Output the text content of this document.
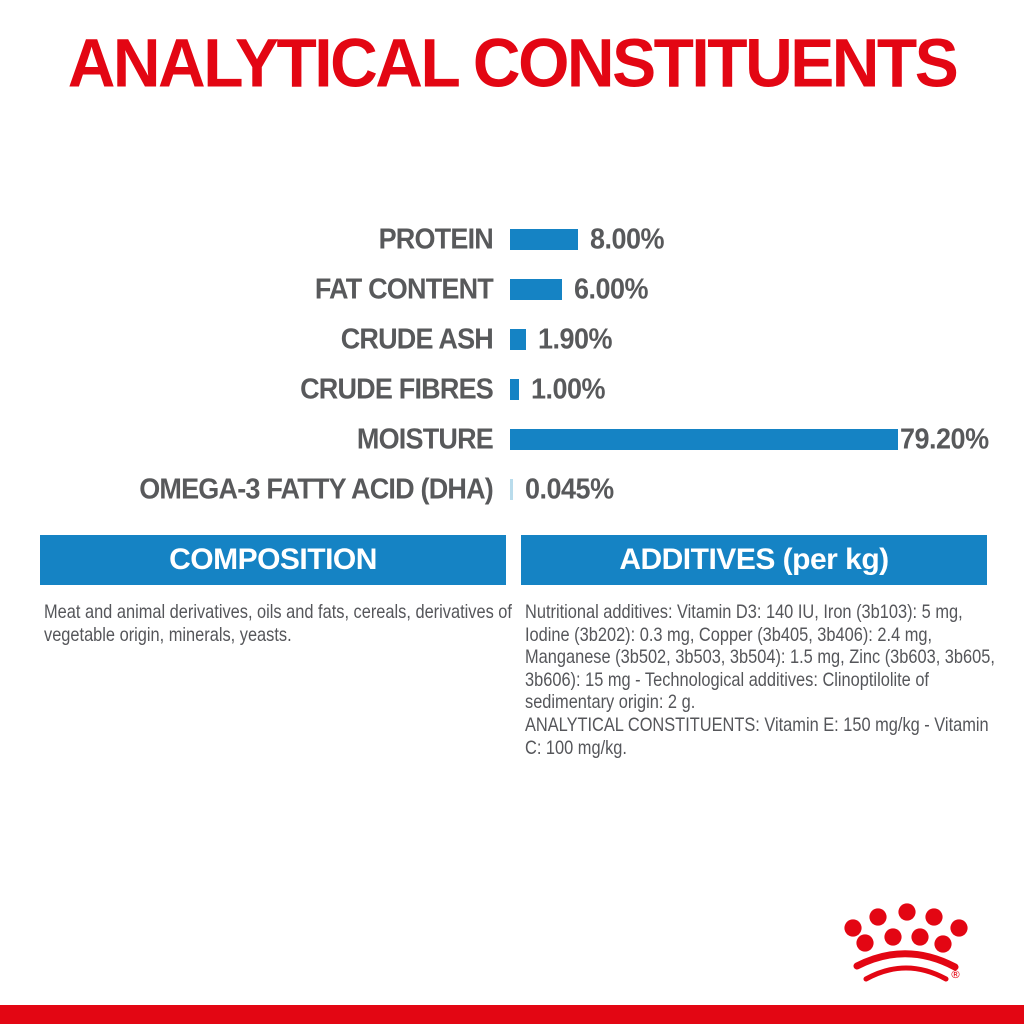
ANALYTICAL CONSTITUENTS
PROTEIN	8.00%
FAT CONTENT	6.00%
CRUDE ASH 1.90%
CRUDE FIBRES 1.00%
MOISTURE	79.20%
OMEGA-3 FATTY ACID (DHA) 0.045%
COMPOSITION	ADDITIVES (per kg)
Meat and animal derivatives, oils and fats, cereals, derivatives of vegetable origin, minerals, yeasts.
Nutritional additives: Vitamin D3: 140 IU, Iron (3b103): 5 mg, Iodine (3b202): 0.3 mg, Copper (3b405, 3b406): 2.4 mg, Manganese (3b502, 3b503, 3b504): 1.5 mg, Zinc (3b603, 3b605, 3b606): 15 mg - Technological additives: Clinoptilolite of sedimentary origin: 2 g.
ANALYTICAL CONSTITUENTS: Vitamin E: 150 mg/kg - Vitamin C: 100 mg/kg.
®
